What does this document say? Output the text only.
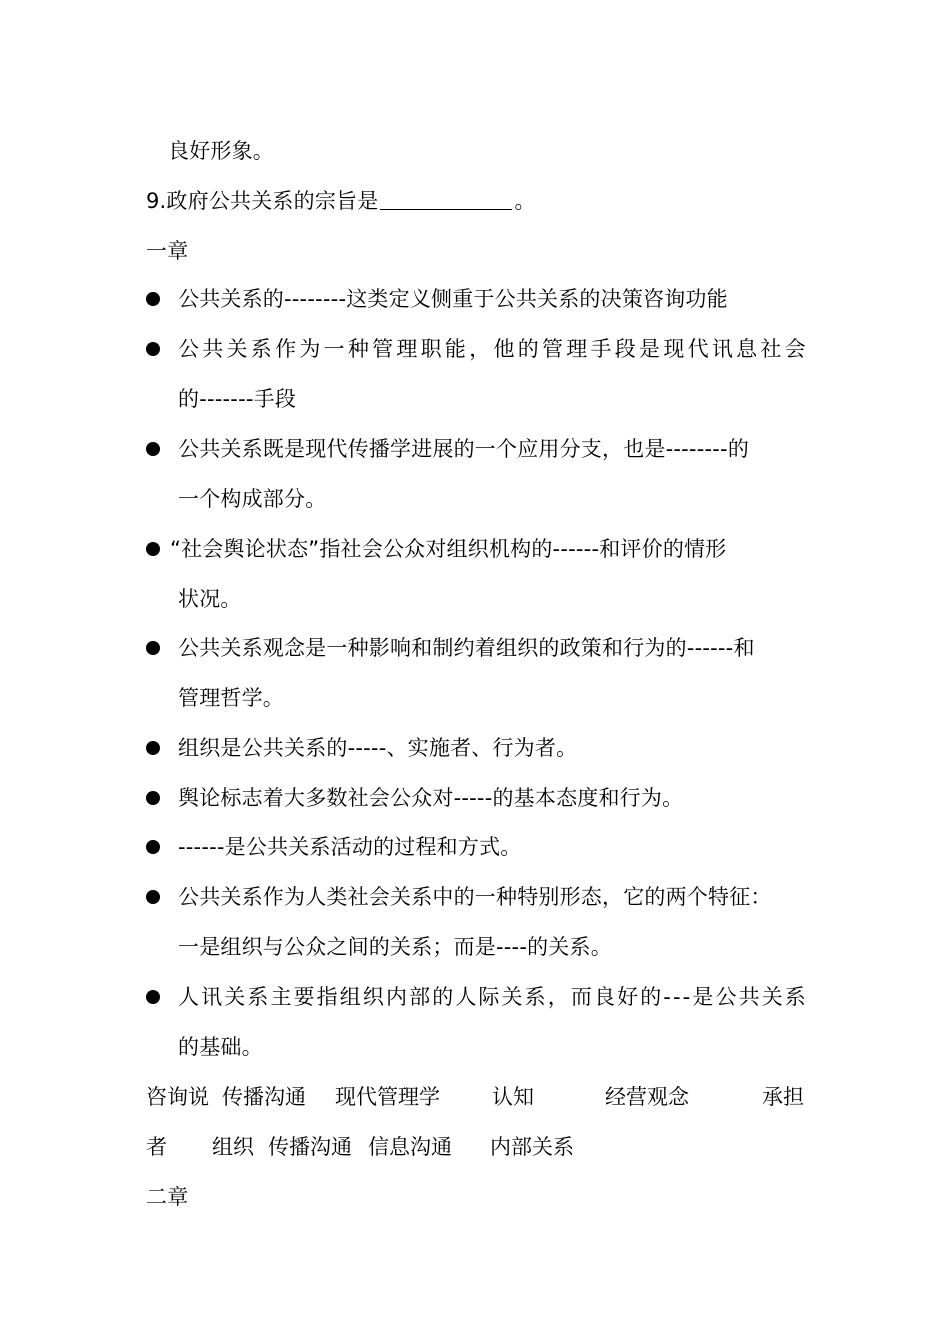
良好形象。
9.政府公共关系的宗旨是	。
一章
公共关系的--------这类定义侧重于公共关系的决策咨询功能
公 共 关 系 作 为 一 种 管 理 职 能 ， 他 的 管 理 手 段 是 现 代 讯 息 社 会
的-------手段
公共关系既是现代传播学进展的一个应用分支，也是--------的
一个构成部分。
“社会舆论状态”指社会公众对组织机构的------和评价的情形
状况。
公共关系观念是一种影响和制约着组织的政策和行为的------和
管理哲学。
组织是公共关系的-----、实施者、行为者。
舆论标志着大多数社会公众对-----的基本态度和行为。
------是公共关系活动的过程和方式。
公共关系作为人类社会关系中的一种特别形态，它的两个特征：
一是组织与公众之间的关系；而是----的关系。
人 讯 关 系 主 要 指 组 织 内 部 的 人 际 关 系 ， 而 良 好 的 - - - 是 公 共 关 系
的基础。
咨询说 传播沟通 现代管理学 认知	经营观念	承担
者 组织 传播沟通 信息沟通 内部关系
二章
